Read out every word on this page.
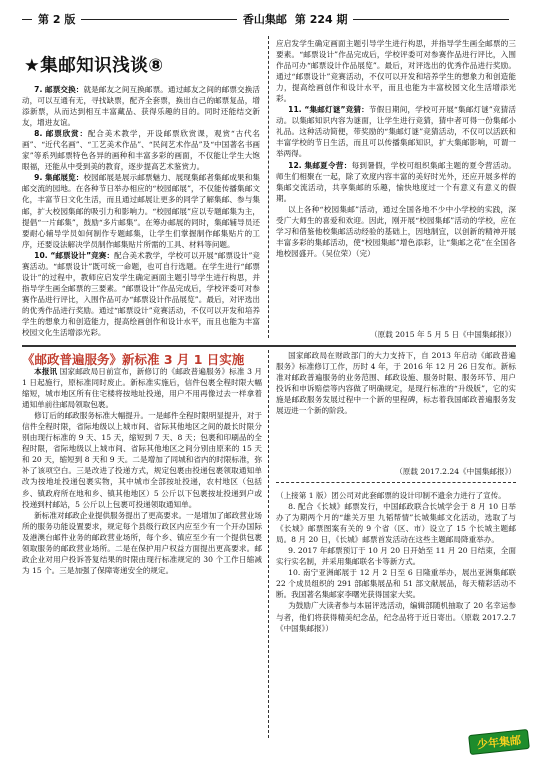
第 2 版	香山集邮 第 224 期
★集邮知识浅谈⑧

7. 邮票交换：就是邮友之间互换邮票。通过邮友之间的邮票交换活动，可以互通有无，寻找缺票，配齐全套票，换出自己的邮票复品，增添新票，从而达到相互丰富藏品、获得乐趣的目的。同时还能结交新友，增进友谊。

8. 邮票欣赏：配合美术教学，开设邮票欣赏课，观赏“古代名画”、“近代名画”、“工艺美术作品”、“民间艺术作品”及“中国著名书画家”等系列邮票特色各异的画种和丰富多彩的画面，不仅能让学生大饱眼福，还能从中受到美的教育，逐步提高艺术鉴赏力。

9. 集邮展览：校园邮展是展示邮票魅力、展现集邮者集邮成果和集邮交流的园地。在各种节日举办相应的“校园邮展”，不仅能传播集邮文化，丰富节日文化生活，而且通过邮展让更多的同学了解集邮、参与集邮，扩大校园集邮的吸引力和影响力。“校园邮展”应以专题邮集为主，提倡“一片邮集”，鼓励“多片邮集”。在筹办邮展的同时，集邮辅导员还要耐心辅导学员如何制作专题邮集，让学生们掌握制作邮集贴片的工序，还要设法解决学员制作邮集贴片所需的工具、材料等问题。

10. “邮票设计”竞赛：配合美术教学，学校可以开展“邮票设计”竞赛活动。“邮票设计”既可统一命题，也可自行选题。在学生进行“邮票设计”的过程中，教师应启发学生确定画面主题引导学生进行构思，并指导学生画全邮票的三要素。“邮票设计”作品完成后，学校评委可对参赛作品进行评比，入围作品可办“邮票设计作品展览”。最后，对评选出的优秀作品进行奖励。通过“邮票设计”竞赛活动，不仅可以开发和培养学生的想象力和创造能力，提高绘画创作和设计水平，而且也能为丰富校园文化生活增添光彩。

应启发学生确定画面主题引导学生进行构思，并指导学生画全邮票的三要素。“邮票设计”作品完成后，学校评委可对参赛作品进行评比，入围作品可办“邮票设计作品展览”。最后，对评选出的优秀作品进行奖励。通过“邮票设计”竞赛活动，不仅可以开发和培养学生的想象力和创造能力，提高绘画创作和设计水平，而且也能为丰富校园文化生活增添光彩。

11. “集邮灯谜”竞猜：节假日期间，学校可开展“集邮灯谜”竞猜活动。以集邮知识内容为谜面，让学生进行竞猜，猜中者可得一份集邮小礼品。这种活动简便，带奖励的“集邮灯谜”竞猜活动，不仅可以活跃和丰富学校的节日生活，而且可以传播集邮知识，扩大集邮影响，可谓一举两得。

12. 集邮夏令营：每到暑假，学校可组织集邮主题的夏令营活动。师生们相聚在一起，除了欢度内容丰富的美好时光外，还应开展多样的集邮交流活动，共享集邮的乐趣，愉快地度过一个有意义有意义的假期。

以上各种“校园集邮”活动，通过全国各地不少中小学校的实践，深受广大师生的喜爱和欢迎。因此，刚开展“校园集邮”活动的学校，应在学习和借鉴他校集邮活动经验的基础上，因地制宜，以创新的精神开展丰富多彩的集邮活动，使“校园集邮”增色添彩，让“集邮之花”在全国各地校园盛开。（吴位荣）（完）

（原载 2015 年 5 月 5 日《中国集邮报》）

《邮政普遍服务》新标准 3 月 1 日实施

本报讯 国家邮政局日前宣布，新修订的《邮政普遍服务》标准 3 月 1 日起施行，原标准同时废止。新标准实施后，信件包裹全程时限大幅缩短，城市地区所有住宅楼将按地址投递，用户不用再像过去一样拿着通知单前往邮局领取包裹。

修订后的邮政服务标准大幅提升。一是邮件全程时限明显提升，对于信件全程时限，省际地级以上城市间、省际其他地区之间的最长时限分别由现行标准的 9 天、15 天，缩短到 7 天、8 天；包裹和印刷品的全程时限，省际地级以上城市间、省际其他地区之间分别由原来的 15 天和 20 天，缩短到 8 天和 9 天。二是增加了同城和省内的时限标准，弥补了该项空白。三是改进了投递方式，规定包裹由投递包裹领取通知单改为按地址投递包裹实物，其中城市全部按址投递，农村地区（包括乡、镇政府所在地和乡、镇其他地区）5 公斤以下包裹按址投递到户或投递到村邮站，5 公斤以上包裹可投递领取通知单。

新标准对邮政企业提供服务提出了更高要求。一是增加了邮政营业场所的服务功能设置要求，规定每个县级行政区内应至少有一个开办国际及港澳台邮件业务的邮政营业场所，每个乡、镇应至少有一个提供包裹领取服务的邮政营业场所。二是在保护用户权益方面提出更高要求。邮政企业对用户投诉答复结果的时限由现行标准规定的 30 个工作日缩减为 15 个。三是加强了保障寄递安全的规定。

国家邮政局在财政部门的大力支持下，自 2013 年启动《邮政普遍服务》标准修订工作，历时 4 年，于 2016 年 12 月 26 日发布。新标准对邮政普遍服务的业务范围、邮政设施、服务时限、服务环节、用户投诉和申诉赔偿等内容做了明确规定，是现行标准的“升级版”，它的实施是邮政服务发展过程中一个新的里程碑，标志着我国邮政普遍服务发展迈进一个新的阶段。

（原载 2017.2.24《中国集邮报》）

（上接第 1 版）团公司对此套邮票的设计印制不遗余力进行了宣传。

8. 配合《长城》邮票发行，中国邮政联合长城学会于 8 月 10 日举办了为期两个月的“雄关万里 九韬帮情”长城集邮文化活动，选取了与《长城》邮票图案有关的 9 个省（区、市）设立了 15 个长城主题邮局。8 月 20 日，《长城》邮票首发活动在这些主题邮局降重举办。

9. 2017 年邮票预订于 10 月 20 日开始至 11 月 20 日结束，全面实行实名制，并采用集邮联名卡等新方式。

10. 南宁亚洲邮展于 12 月 2 日至 6 日隆重举办，展出亚洲集邮联 22 个成员组织的 291 部邮集展品和 51 部文献展品，每天精彩活动不断。我国著名集邮家李曙光获得国家大奖。

为鼓励广大读者参与本届评选活动，编辑部随机抽取了 20 名幸运参与者，他们将获得精美纪念品，纪念品将于近日寄出。（原载 2017.2.7《中国集邮报》）

少年集邮
